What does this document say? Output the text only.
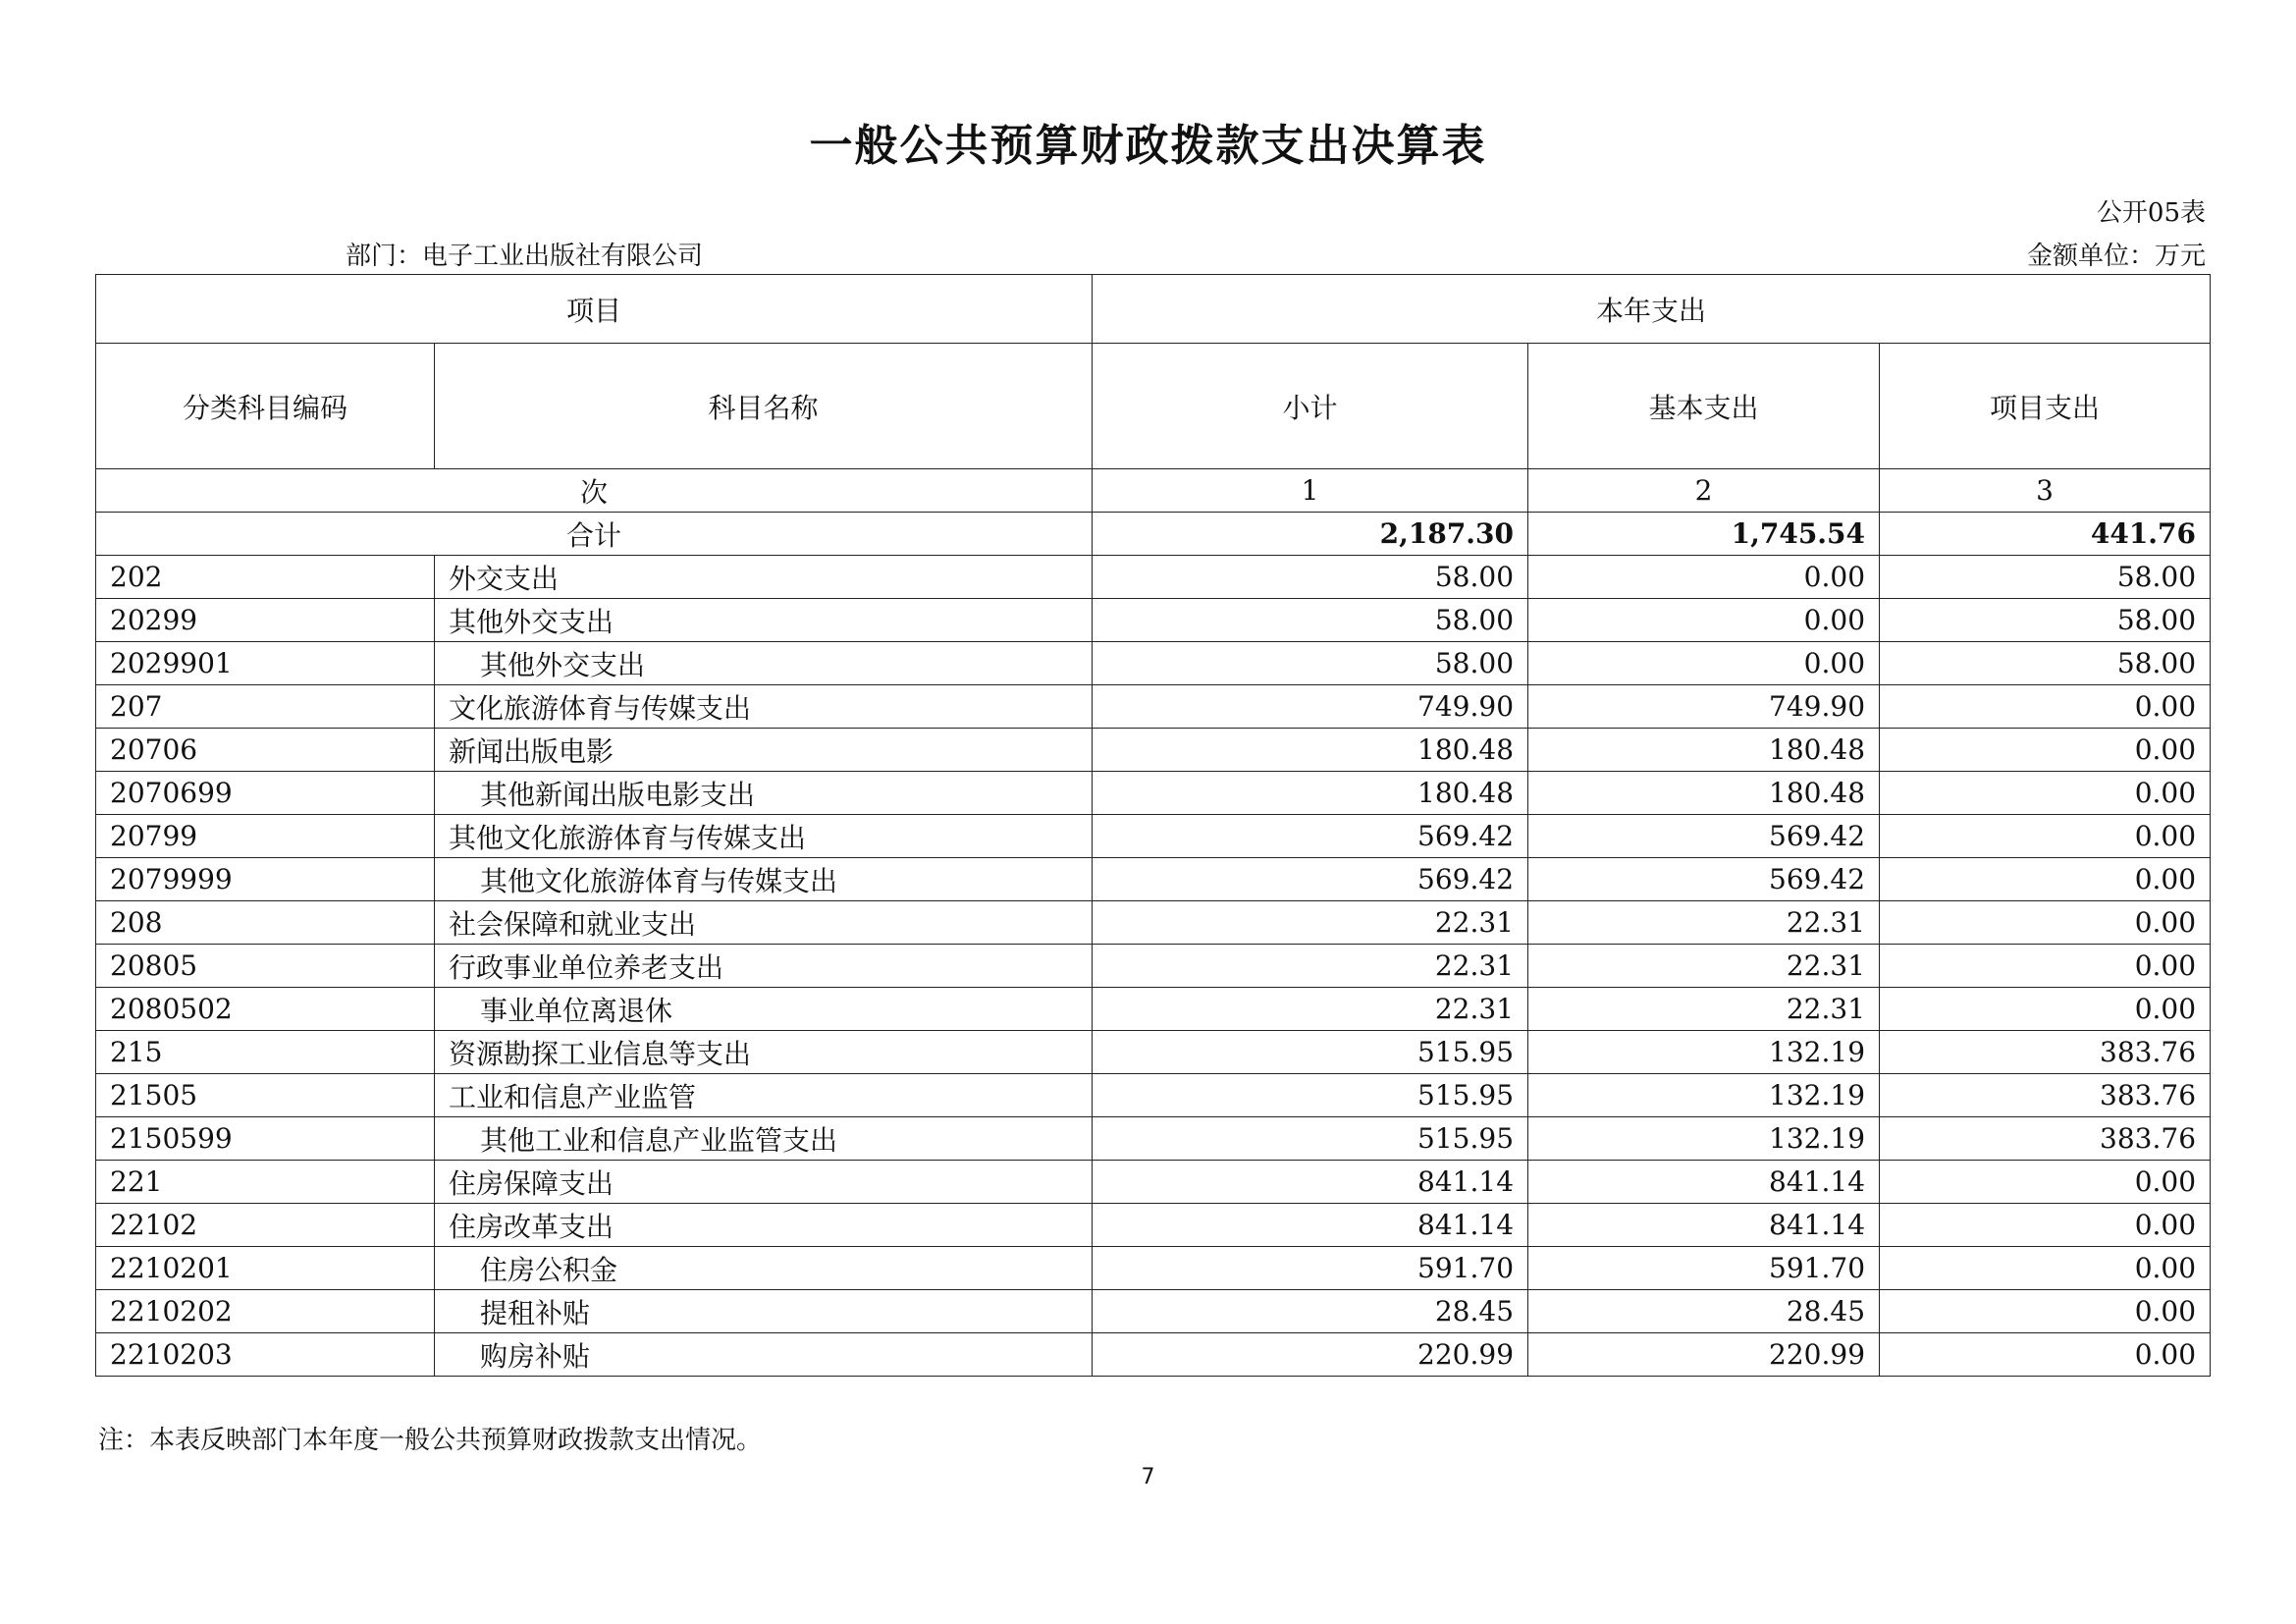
一般公共预算财政拨款支出决算表
公开05表
部门：电子工业出版社有限公司	金额单位：万元
项目		本年支出		
分类科目编码	科目名称	小计	基本支出	项目支出
次		1	2	3
合计		2,187.30	1,745.54	441.76
202	外交支出	58.00	0.00	58.00
20299	其他外交支出	58.00	0.00	58.00
2029901	其他外交支出	58.00	0.00	58.00
207	文化旅游体育与传媒支出	749.90	749.90	0.00
20706	新闻出版电影	180.48	180.48	0.00
2070699	其他新闻出版电影支出	180.48	180.48	0.00
20799	其他文化旅游体育与传媒支出	569.42	569.42	0.00
2079999	其他文化旅游体育与传媒支出	569.42	569.42	0.00
208	社会保障和就业支出	22.31	22.31	0.00
20805	行政事业单位养老支出	22.31	22.31	0.00
2080502	事业单位离退休	22.31	22.31	0.00
215	资源勘探工业信息等支出	515.95	132.19	383.76
21505	工业和信息产业监管	515.95	132.19	383.76
2150599	其他工业和信息产业监管支出	515.95	132.19	383.76
221	住房保障支出	841.14	841.14	0.00
22102	住房改革支出	841.14	841.14	0.00
2210201	住房公积金	591.70	591.70	0.00
2210202	提租补贴	28.45	28.45	0.00
2210203	购房补贴	220.99	220.99	0.00
注：本表反映部门本年度一般公共预算财政拨款支出情况。
7
